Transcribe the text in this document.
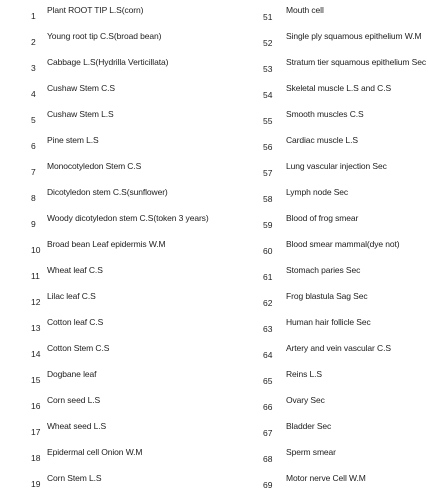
1
Plant ROOT TIP L.S(corn)
2
Young root tip C.S(broad bean)
3
Cabbage L.S(Hydrilla Verticillata)
4
Cushaw Stem C.S
5
Cushaw Stem L.S
6
Pine stem L.S
7
Monocotyledon Stem C.S
8
Dicotyledon stem C.S(sunflower)
9
Woody dicotyledon stem C.S(token 3 years)
10
Broad bean Leaf epidermis W.M
11
Wheat leaf C.S
12
Lilac leaf C.S
13
Cotton leaf C.S
14
Cotton Stem C.S
15
Dogbane leaf
16
Corn seed L.S
17
Wheat seed L.S
18
Epidermal cell Onion W.M
19
Corn Stem L.S
51
Mouth cell
52
Single ply squamous epithelium W.M
53
Stratum tier squamous epithelium Sec
54
Skeletal muscle L.S and C.S
55
Smooth muscles C.S
56
Cardiac muscle L.S
57
Lung vascular injection Sec
58
Lymph node Sec
59
Blood of frog smear
60
Blood smear mammal(dye not)
61
Stomach paries Sec
62
Frog blastula Sag Sec
63
Human hair follicle Sec
64
Artery and vein vascular C.S
65
Reins L.S
66
Ovary Sec
67
Bladder Sec
68
Sperm smear
69
Motor nerve Cell W.M
